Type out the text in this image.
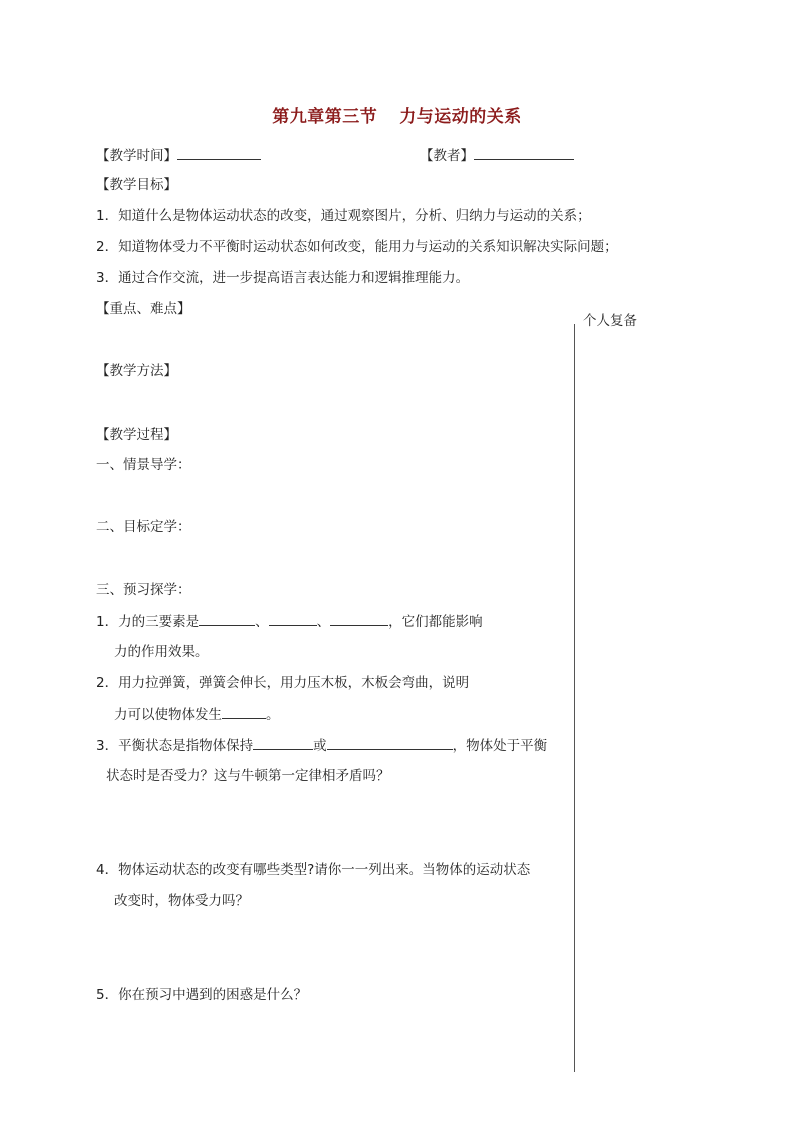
第九章第三节 力与运动的关系
【教学时间】	【教者】
【教学目标】
1．知道什么是物体运动状态的改变，通过观察图片，分析、归纳力与运动的关系；
2．知道物体受力不平衡时运动状态如何改变，能用力与运动的关系知识解决实际问题；
3．通过合作交流，进一步提高语言表达能力和逻辑推理能力。
【重点、难点】
【教学方法】
【教学过程】
一、情景导学：
二、目标定学：
三、预习探学：
1．力的三要素是	、	、	，它们都能影响
力的作用效果。
2．用力拉弹簧，弹簧会伸长，用力压木板，木板会弯曲，说明
力可以使物体发生	。
3．平衡状态是指物体保持	或	，物体处于平衡
状态时是否受力？这与牛顿第一定律相矛盾吗？
4．物体运动状态的改变有哪些类型?请你一一列出来。当物体的运动状态
改变时，物体受力吗？
5．你在预习中遇到的困惑是什么？
个人复备
